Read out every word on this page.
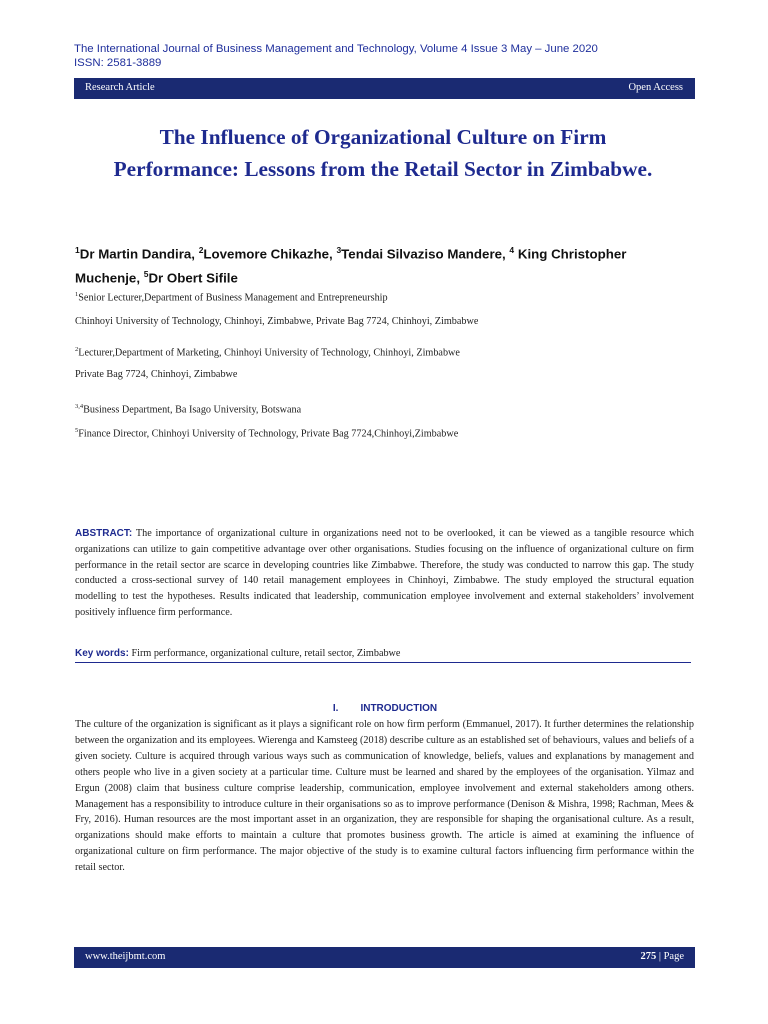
The International Journal of Business Management and Technology, Volume 4 Issue 3 May – June 2020
ISSN: 2581-3889
Research Article	Open Access
The Influence of Organizational Culture on Firm Performance: Lessons from the Retail Sector in Zimbabwe.
$^1$Dr Martin Dandira, $^2$Lovemore Chikazhe, $^3$Tendai Silvaziso Mandere, $^4$ King Christopher Muchenje, $^5$Dr Obert Sifile
$^1$Senior Lecturer,Department of Business Management and Entrepreneurship
Chinhoyi University of Technology, Chinhoyi, Zimbabwe, Private Bag 7724, Chinhoyi, Zimbabwe
$^2$Lecturer,Department of Marketing, Chinhoyi University of Technology, Chinhoyi, Zimbabwe
Private Bag 7724, Chinhoyi, Zimbabwe
$^{3,4}$Business Department, Ba Isago University, Botswana
$^5$Finance Director, Chinhoyi University of Technology, Private Bag 7724,Chinhoyi,Zimbabwe
ABSTRACT: The importance of organizational culture in organizations need not to be overlooked, it can be viewed as a tangible resource which organizations can utilize to gain competitive advantage over other organisations. Studies focusing on the influence of organizational culture on firm performance in the retail sector are scarce in developing countries like Zimbabwe. Therefore, the study was conducted to narrow this gap. The study conducted a cross-sectional survey of 140 retail management employees in Chinhoyi, Zimbabwe. The study employed the structural equation modelling to test the hypotheses. Results indicated that leadership, communication employee involvement and external stakeholders’ involvement positively influence firm performance.
Key words: Firm performance, organizational culture, retail sector, Zimbabwe
I. INTRODUCTION
The culture of the organization is significant as it plays a significant role on how firm perform (Emmanuel, 2017). It further determines the relationship between the organization and its employees. Wierenga and Kamsteeg (2018) describe culture as an established set of behaviours, values and beliefs of a given society. Culture is acquired through various ways such as communication of knowledge, beliefs, values and explanations by management and others people who live in a given society at a particular time. Culture must be learned and shared by the employees of the organisation. Yilmaz and Ergun (2008) claim that business culture comprise leadership, communication, employee involvement and external stakeholders among others. Management has a responsibility to introduce culture in their organisations so as to improve performance (Denison & Mishra, 1998; Rachman, Mees & Fry, 2016). Human resources are the most important asset in an organization, they are responsible for shaping the organisational culture. As a result, organizations should make efforts to maintain a culture that promotes business growth. The article is aimed at examining the influence of organizational culture on firm performance. The major objective of the study is to examine cultural factors influencing firm performance within the retail sector.
www.theijbmt.com	275 | Page
